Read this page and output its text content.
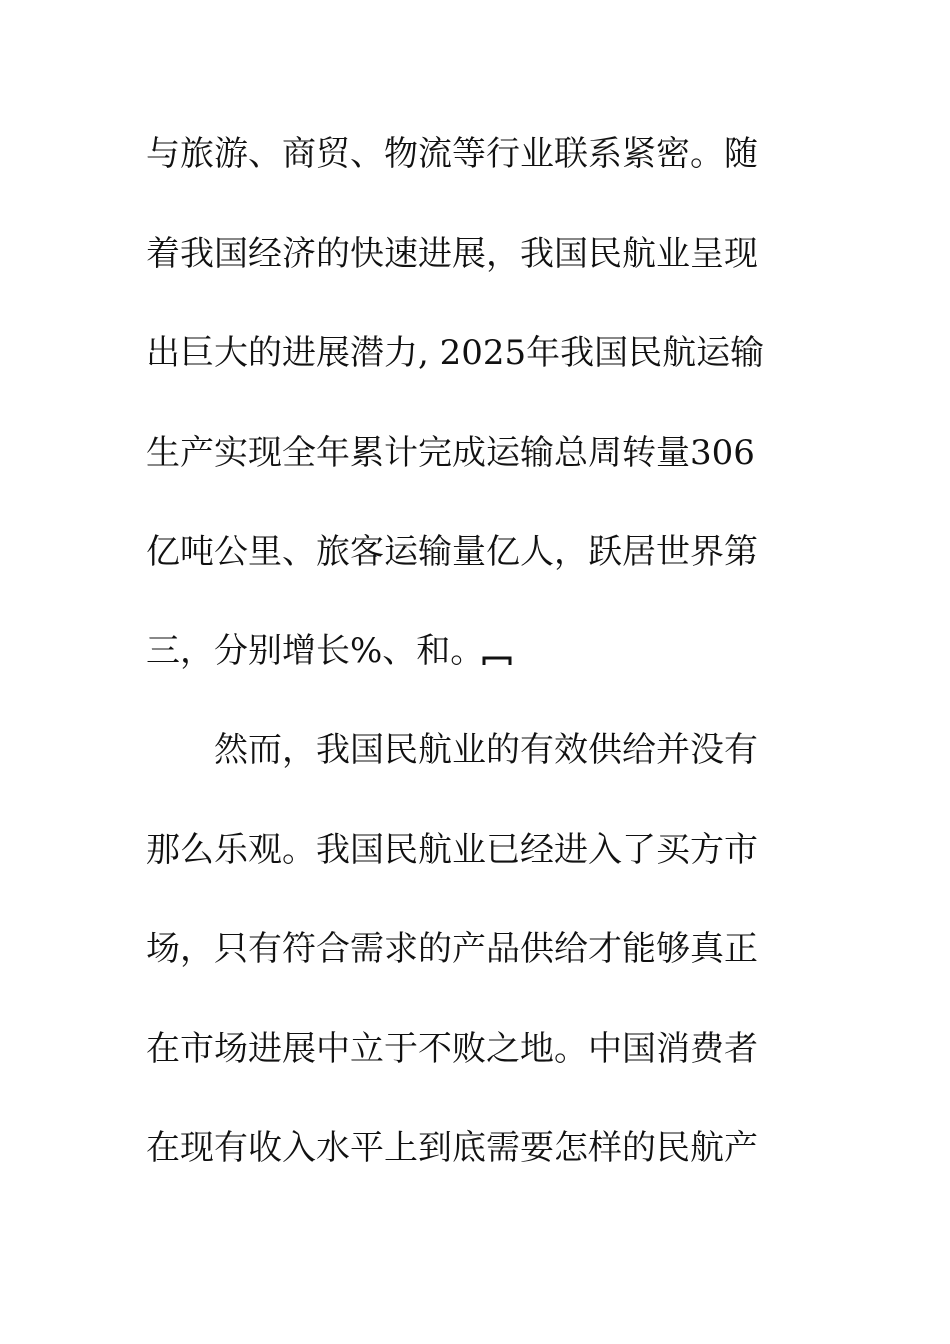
与旅游、商贸、物流等行业联系紧密。随
着我国经济的快速进展，我国民航业呈现
出巨大的进展潜力, 2025年我国民航运输
生产实现全年累计完成运输总周转量306
亿吨公里、旅客运输量亿人，跃居世界第
三，分别增长%、和。
然而，我国民航业的有效供给并没有
那么乐观。我国民航业已经进入了买方市
场，只有符合需求的产品供给才能够真正
在市场进展中立于不败之地。中国消费者
在现有收入水平上到底需要怎样的民航产
